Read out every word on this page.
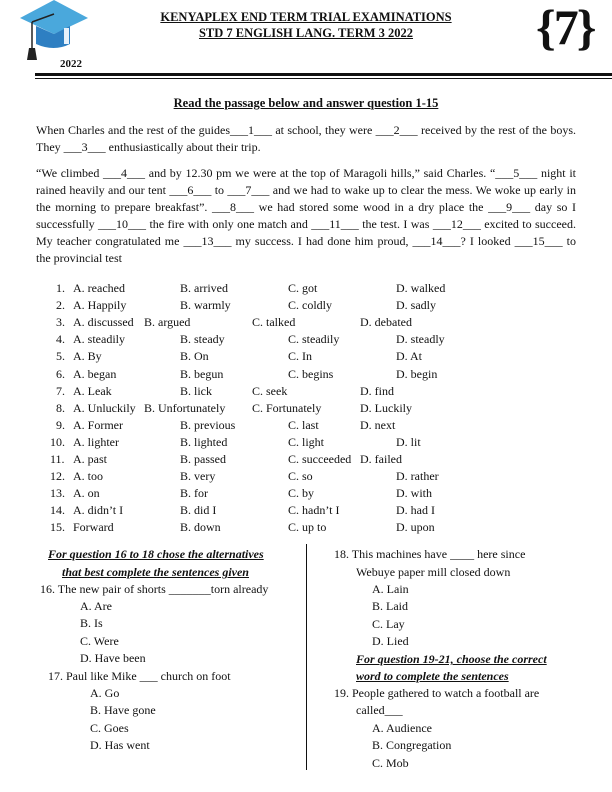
2022
KENYAPLEX END TERM TRIAL EXAMINATIONS
STD 7 ENGLISH LANG. TERM 3 2022	{7}
Read the passage below and answer question 1-15
When Charles and the rest of the guides___1___ at school, they were ___2___ received by the rest of the boys. They ___3___ enthusiastically about their trip.
“We climbed ___4___ and by 12.30 pm we were at the top of Maragoli hills,” said Charles. “___5___ night it rained heavily and our tent ___6___ to ___7___ and we had to wake up to clear the mess. We woke up early in the morning to prepare breakfast”. ___8___ we had stored some wood in a dry place the ___9___ day so I successfully ___10___ the fire with only one match and ___11___ the test. I was ___12___ excited to succeed. My teacher congratulated me ___13___ my success. I had done him proud, ___14___? I looked ___15___ to the provincial test
1. A. reached	B. arrived	C. got	D. walked
2. A. Happily	B. warmly	C. coldly	D. sadly
3. A. discussed B. argued	C. talked	D. debated
4. A. steadily	B. steady	C. steadily	D. steadly
5. A. By	B. On	C. In	D. At
6. A. began	B. begun	C. begins	D. begin
7. A. Leak	B. lick	C. seek	D. find
8. A. Unluckily B. Unfortunately C. Fortunately	D. Luckily
9. A. Former	B. previous	C. last	D. next
10. A. lighter	B. lighted	C. light	D. lit
11. A. past	B. passed	C. succeeded D. failed
12. A. too	B. very	C. so	D. rather
13. A. on	B. for	C. by	D. with
14. A. didn’t I	B. did I	C. hadn’t I	D. had I
15. Forward	B. down	C. up to	D. upon
For question 16 to 18 chose the alternatives
that best complete the sentences given
16. The new pair of shorts _______torn already
A. Are
B. Is
C. Were
D. Have been
17. Paul like Mike ___ church on foot
A. Go
B. Have gone
C. Goes
D. Has went
18. This machines have ____ here since
Webuye paper mill closed down
A. Lain
B. Laid
C. Lay
D. Lied
For question 19-21, choose the correct
word to complete the sentences
19. People gathered to watch a football are
called___
A. Audience
B. Congregation
C. Mob
